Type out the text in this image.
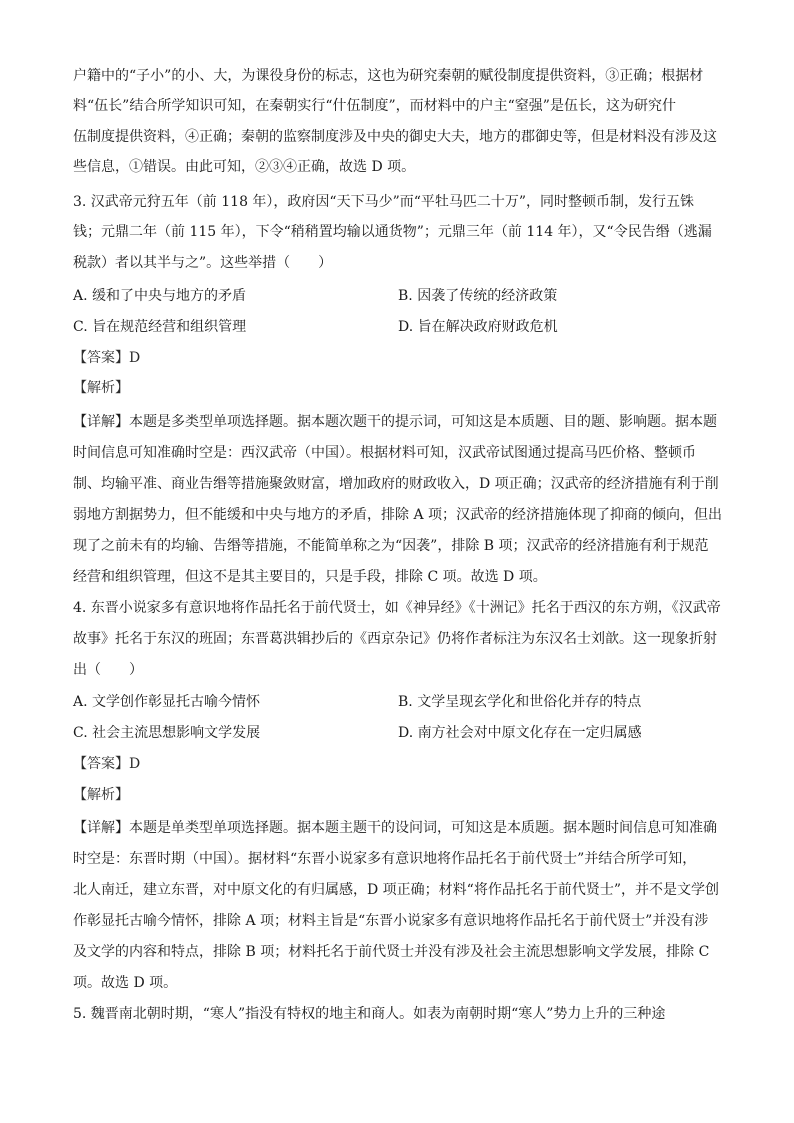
户籍中的“子小”的小、大，为课役身份的标志，这也为研究秦朝的赋役制度提供资料，③正确；根据材
料“伍长”结合所学知识可知，在秦朝实行“什伍制度”，而材料中的户主“窒强”是伍长，这为研究什
伍制度提供资料，④正确；秦朝的监察制度涉及中央的御史大夫，地方的郡御史等，但是材料没有涉及这
些信息，①错误。由此可知，②③④正确，故选 D 项。
3. 汉武帝元狩五年（前 118 年），政府因“天下马少”而“平牡马匹二十万”，同时整顿币制，发行五铢
钱；元鼎二年（前 115 年），下令“稍稍置均输以通货物”；元鼎三年（前 114 年），又“令民告缗（逃漏
税款）者以其半与之”。这些举措（　　）
A. 缓和了中央与地方的矛盾	B. 因袭了传统的经济政策
C. 旨在规范经营和组织管理	D. 旨在解决政府财政危机
【答案】D
【解析】
【详解】本题是多类型单项选择题。据本题次题干的提示词，可知这是本质题、目的题、影响题。据本题
时间信息可知准确时空是：西汉武帝（中国）。根据材料可知，汉武帝试图通过提高马匹价格、整顿币
制、均输平准、商业告缗等措施聚敛财富，增加政府的财政收入，D 项正确；汉武帝的经济措施有利于削
弱地方割据势力，但不能缓和中央与地方的矛盾，排除 A 项；汉武帝的经济措施体现了抑商的倾向，但出
现了之前未有的均输、告缗等措施，不能简单称之为“因袭”，排除 B 项；汉武帝的经济措施有利于规范
经营和组织管理，但这不是其主要目的，只是手段，排除 C 项。故选 D 项。
4. 东晋小说家多有意识地将作品托名于前代贤士，如《神异经》《十洲记》托名于西汉的东方朔，《汉武帝
故事》托名于东汉的班固；东晋葛洪辑抄后的《西京杂记》仍将作者标注为东汉名士刘歆。这一现象折射
出（　　）
A. 文学创作彰显托古喻今情怀	B. 文学呈现玄学化和世俗化并存的特点
C. 社会主流思想影响文学发展	D. 南方社会对中原文化存在一定归属感
【答案】D
【解析】
【详解】本题是单类型单项选择题。据本题主题干的设问词，可知这是本质题。据本题时间信息可知准确
时空是：东晋时期（中国）。据材料“东晋小说家多有意识地将作品托名于前代贤士”并结合所学可知，
北人南迁，建立东晋，对中原文化的有归属感，D 项正确；材料“将作品托名于前代贤士”，并不是文学创
作彰显托古喻今情怀，排除 A 项；材料主旨是“东晋小说家多有意识地将作品托名于前代贤士”并没有涉
及文学的内容和特点，排除 B 项；材料托名于前代贤士并没有涉及社会主流思想影响文学发展，排除 C
项。故选 D 项。
5. 魏晋南北朝时期，“寒人”指没有特权的地主和商人。如表为南朝时期“寒人”势力上升的三种途
